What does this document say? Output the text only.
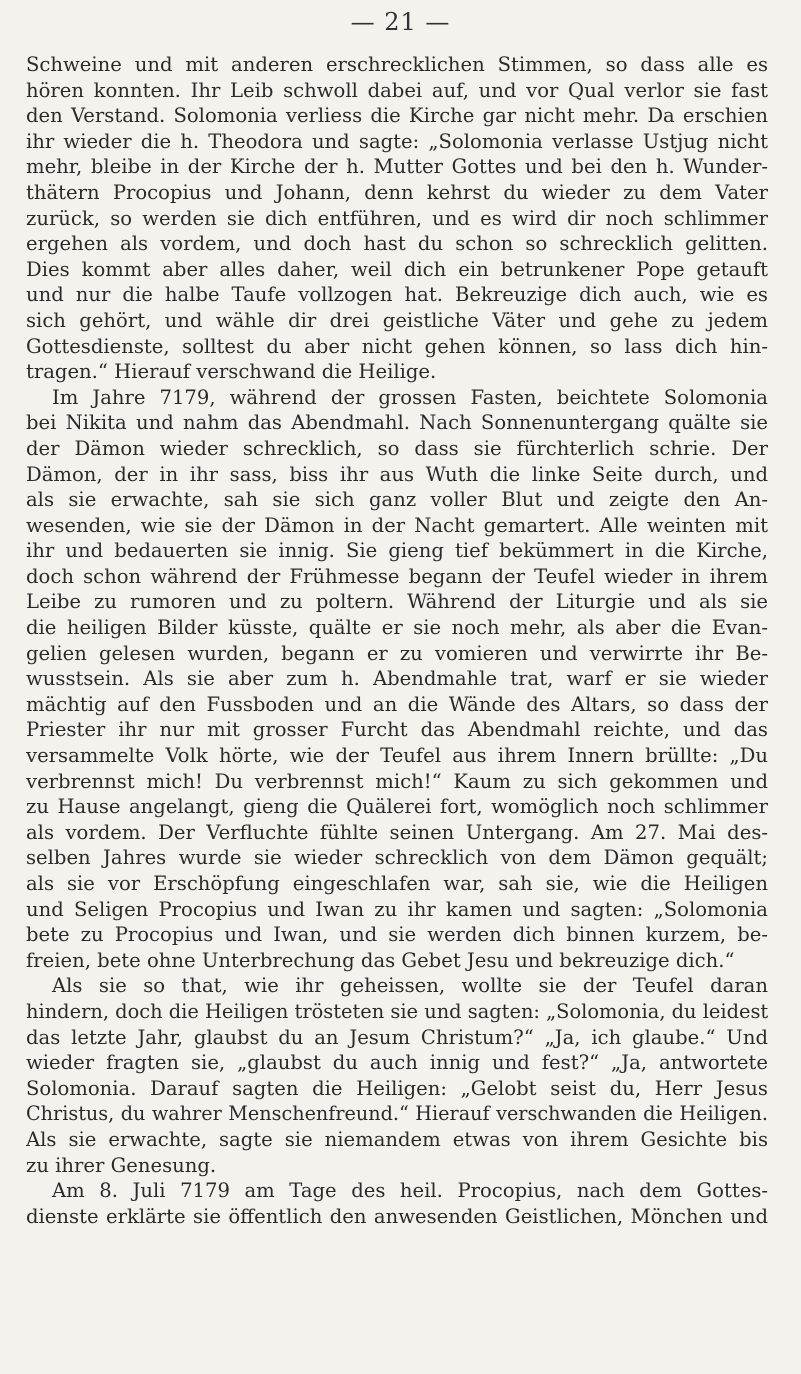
— 21 —
Schweine und mit anderen erschrecklichen Stimmen, so dass alle es
hören konnten. Ihr Leib schwoll dabei auf, und vor Qual verlor sie fast
den Verstand. Solomonia verliess die Kirche gar nicht mehr. Da erschien
ihr wieder die h. Theodora und sagte: „Solomonia verlasse Ustjug nicht
mehr, bleibe in der Kirche der h. Mutter Gottes und bei den h. Wunder-
thätern Procopius und Johann, denn kehrst du wieder zu dem Vater
zurück, so werden sie dich entführen, und es wird dir noch schlimmer
ergehen als vordem, und doch hast du schon so schrecklich gelitten.
Dies kommt aber alles daher, weil dich ein betrunkener Pope getauft
und nur die halbe Taufe vollzogen hat. Bekreuzige dich auch, wie es
sich gehört, und wähle dir drei geistliche Väter und gehe zu jedem
Gottesdienste, solltest du aber nicht gehen können, so lass dich hin-
tragen.“ Hierauf verschwand die Heilige.
Im Jahre 7179, während der grossen Fasten, beichtete Solomonia
bei Nikita und nahm das Abendmahl. Nach Sonnenuntergang quälte sie
der Dämon wieder schrecklich, so dass sie fürchterlich schrie. Der
Dämon, der in ihr sass, biss ihr aus Wuth die linke Seite durch, und
als sie erwachte, sah sie sich ganz voller Blut und zeigte den An-
wesenden, wie sie der Dämon in der Nacht gemartert. Alle weinten mit
ihr und bedauerten sie innig. Sie gieng tief bekümmert in die Kirche,
doch schon während der Frühmesse begann der Teufel wieder in ihrem
Leibe zu rumoren und zu poltern. Während der Liturgie und als sie
die heiligen Bilder küsste, quälte er sie noch mehr, als aber die Evan-
gelien gelesen wurden, begann er zu vomieren und verwirrte ihr Be-
wusstsein. Als sie aber zum h. Abendmahle trat, warf er sie wieder
mächtig auf den Fussboden und an die Wände des Altars, so dass der
Priester ihr nur mit grosser Furcht das Abendmahl reichte, und das
versammelte Volk hörte, wie der Teufel aus ihrem Innern brüllte: „Du
verbrennst mich! Du verbrennst mich!“ Kaum zu sich gekommen und
zu Hause angelangt, gieng die Quälerei fort, womöglich noch schlimmer
als vordem. Der Verfluchte fühlte seinen Untergang. Am 27. Mai des-
selben Jahres wurde sie wieder schrecklich von dem Dämon gequält;
als sie vor Erschöpfung eingeschlafen war, sah sie, wie die Heiligen
und Seligen Procopius und Iwan zu ihr kamen und sagten: „Solomonia
bete zu Procopius und Iwan, und sie werden dich binnen kurzem, be-
freien, bete ohne Unterbrechung das Gebet Jesu und bekreuzige dich.“
Als sie so that, wie ihr geheissen, wollte sie der Teufel daran
hindern, doch die Heiligen trösteten sie und sagten: „Solomonia, du leidest
das letzte Jahr, glaubst du an Jesum Christum?“ „Ja, ich glaube.“ Und
wieder fragten sie, „glaubst du auch innig und fest?“ „Ja, antwortete
Solomonia. Darauf sagten die Heiligen: „Gelobt seist du, Herr Jesus
Christus, du wahrer Menschenfreund.“ Hierauf verschwanden die Heiligen.
Als sie erwachte, sagte sie niemandem etwas von ihrem Gesichte bis
zu ihrer Genesung.
Am 8. Juli 7179 am Tage des heil. Procopius, nach dem Gottes-
dienste erklärte sie öffentlich den anwesenden Geistlichen, Mönchen und
